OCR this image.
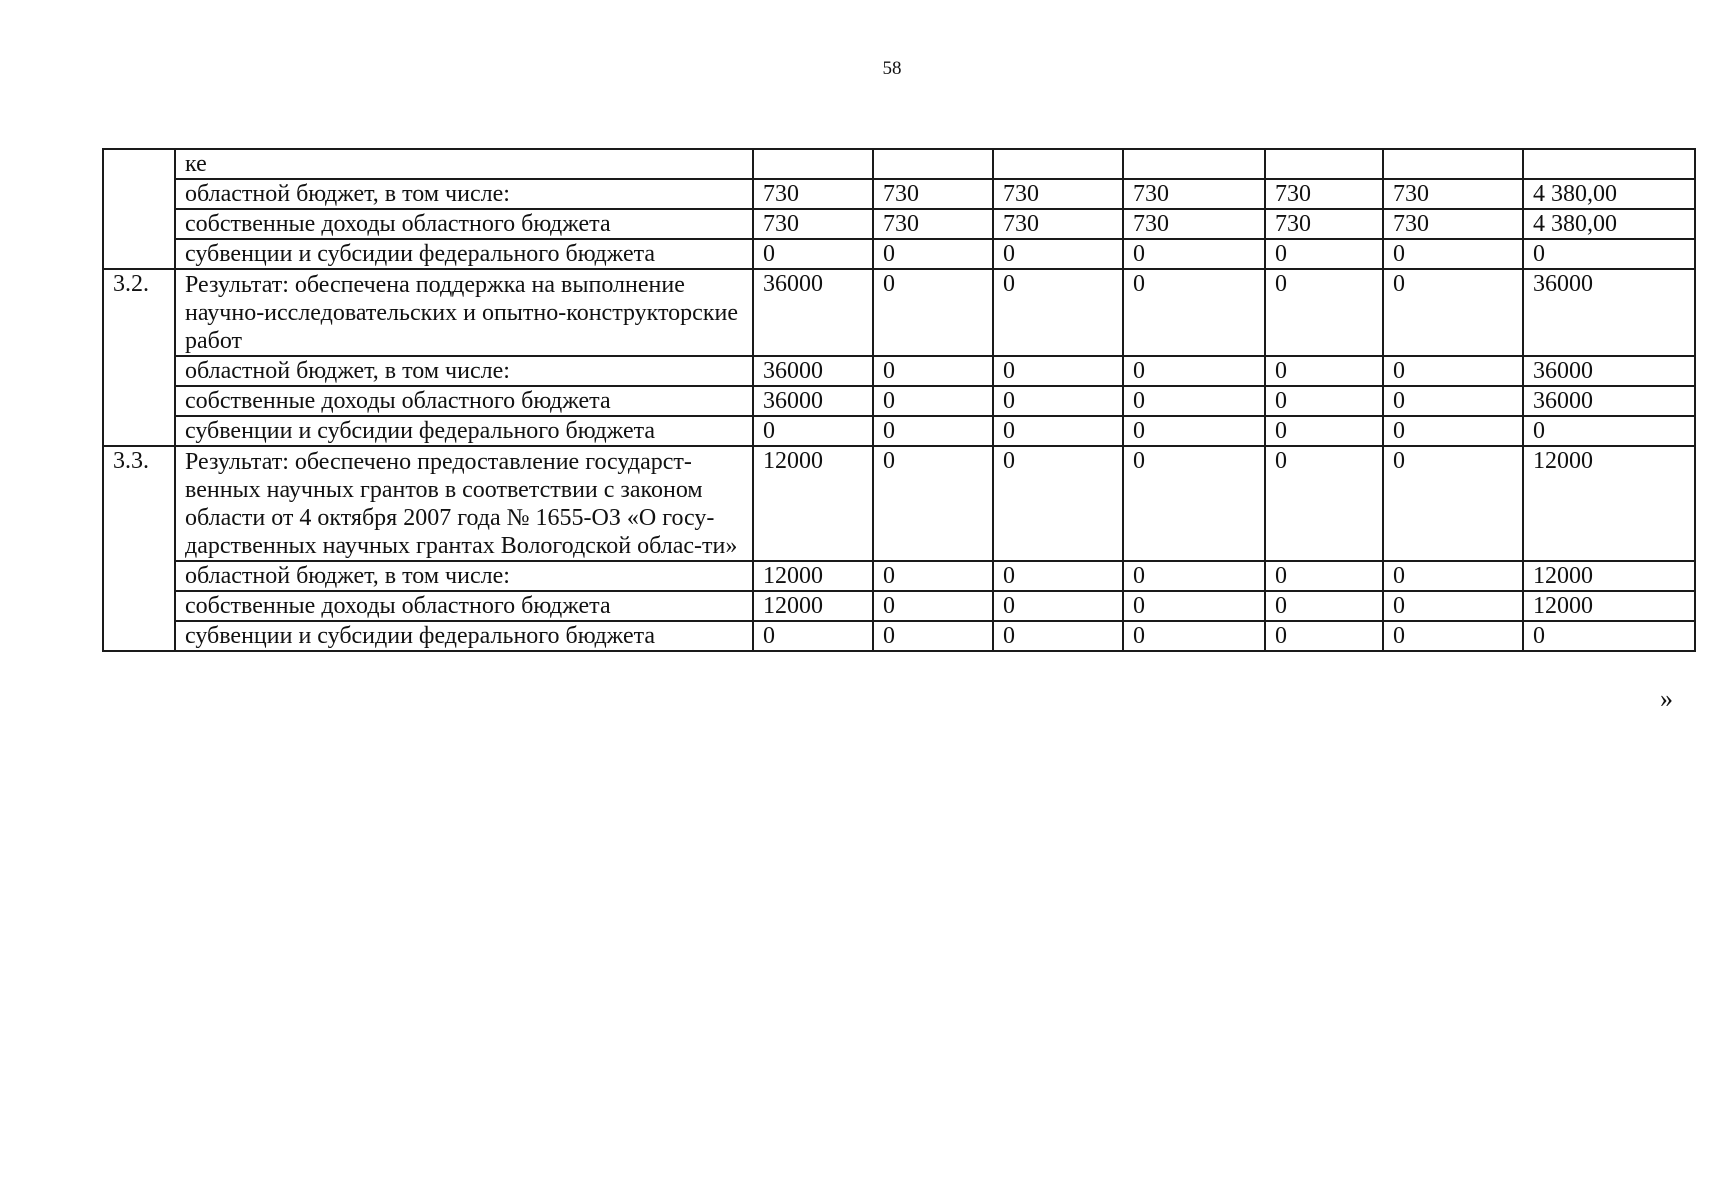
58
	ке							
	областной бюджет, в том числе:	730	730	730	730	730	730	4 380,00
	собственные доходы областного бюджета	730	730	730	730	730	730	4 380,00
	субвенции и субсидии федерального бюджета	0	0	0	0	0	0	0
3.2.	Результат: обеспечена поддержка на выполнение научно-исследовательских и опытно-конструкторские работ	36000	0	0	0	0	0	36000
	областной бюджет, в том числе:	36000	0	0	0	0	0	36000
	собственные доходы областного бюджета	36000	0	0	0	0	0	36000
	субвенции и субсидии федерального бюджета	0	0	0	0	0	0	0
3.3.	Результат: обеспечено предоставление государст-венных научных грантов в соответствии с законом области от 4 октября 2007 года № 1655-ОЗ «О госу-дарственных научных грантах Вологодской облас-ти»	12000	0	0	0	0	0	12000
	областной бюджет, в том числе:	12000	0	0	0	0	0	12000
	собственные доходы областного бюджета	12000	0	0	0	0	0	12000
	субвенции и субсидии федерального бюджета	0	0	0	0	0	0	0
»
